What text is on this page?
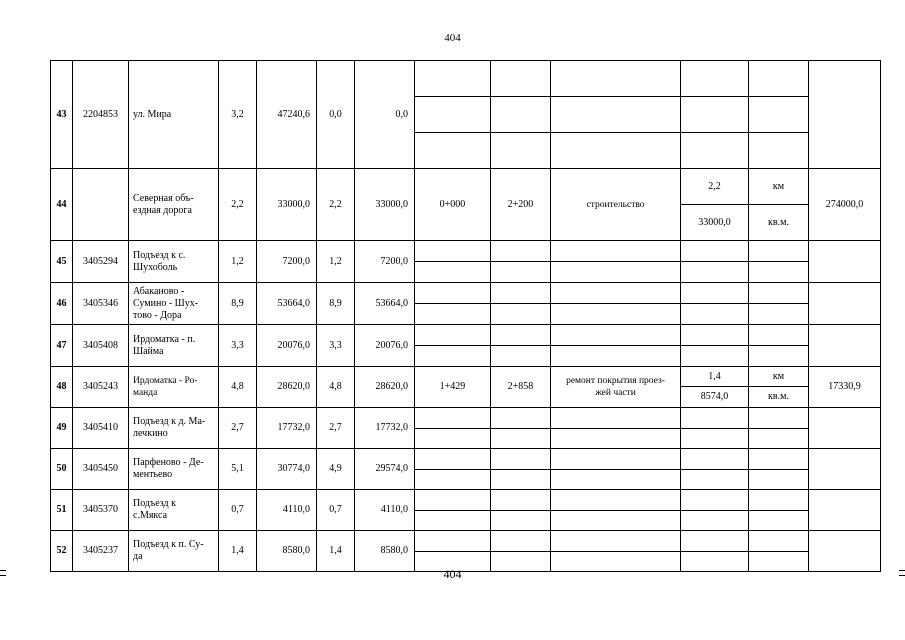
404
43	2204853	ул. Мира	3,2	47240,6	0,0	0,0						

44		Северная объ-
ездная дорога	2,2	33000,0	2,2	33000,0	0+000	2+200	строительство	2,2	км	274000,0
										33000,0	кв.м.	
45	3405294	Подъезд к с.
Шухоболь	1,2	7200,0	1,2	7200,0						

46	3405346	Абаканово -
Сумино - Шух-
тово - Дора	8,9	53664,0	8,9	53664,0						

47	3405408	Ирдоматка - п.
Шайма	3,3	20076,0	3,3	20076,0						

48	3405243	Ирдоматка - Ро-
манда	4,8	28620,0	4,8	28620,0	1+429	2+858	ремонт покрытия проез-
жей части	1,4	км	17330,9
										8574,0	кв.м.	
49	3405410	Подъезд к д. Ма-
лечкино	2,7	17732,0	2,7	17732,0						

50	3405450	Парфеново - Де-
ментьево	5,1	30774,0	4,9	29574,0						

51	3405370	Подъезд к
с.Мякса	0,7	4110,0	0,7	4110,0						

52	3405237	Подъезд к п. Су-
да	1,4	8580,0	1,4	8580,0						

404
